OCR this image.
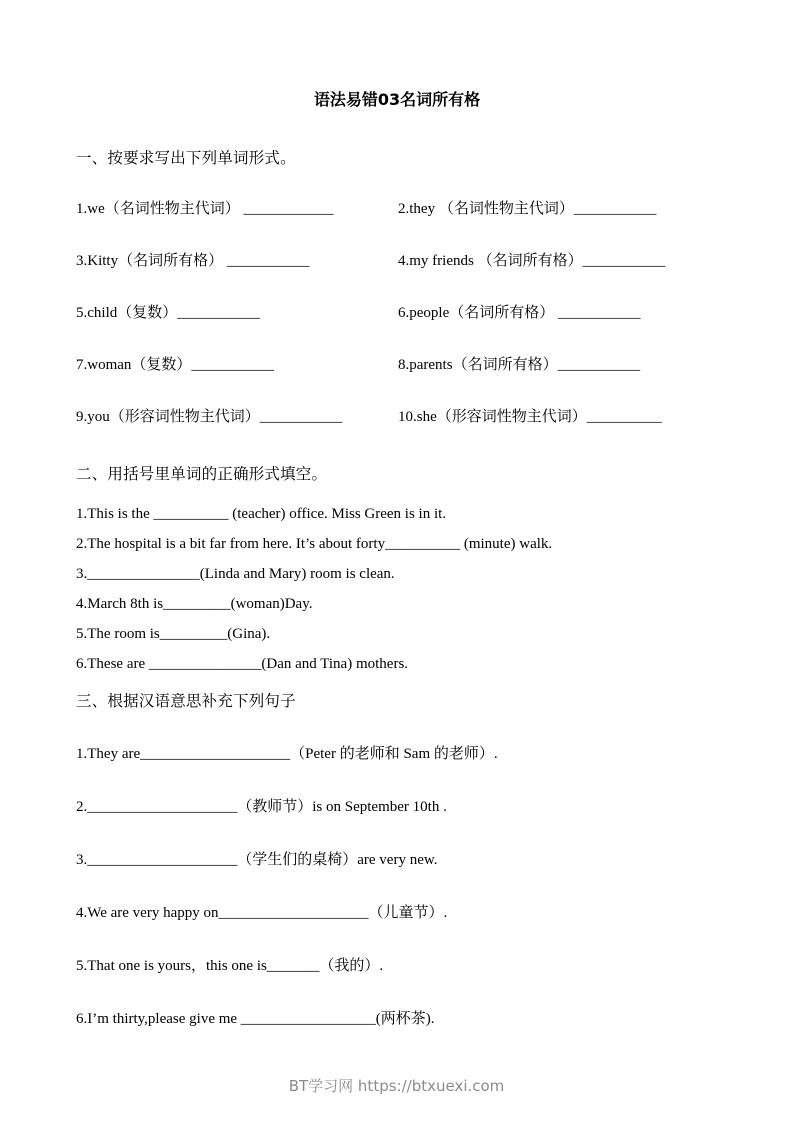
语法易错03名词所有格
一、按要求写出下列单词形式。
1.we（名词性物主代词） ____________	2.they （名词性物主代词）___________
3.Kitty（名词所有格） ___________	4.my friends （名词所有格）___________
5.child（复数）___________	6.people（名词所有格） ___________
7.woman（复数）___________	8.parents（名词所有格）___________
9.you（形容词性物主代词）___________	10.she（形容词性物主代词）__________
二、用括号里单词的正确形式填空。

1.This is the __________ (teacher) office. Miss Green is in it.

2.The hospital is a bit far from here. It’s about forty__________ (minute) walk.

3._______________(Linda and Mary) room is clean.

4.March 8th is_________(woman)Day.

5.The room is_________(Gina).

6.These are _______________(Dan and Tina) mothers.

三、根据汉语意思补充下列句子

1.They are____________________（Peter 的老师和 Sam 的老师）.

2.____________________（教师节）is on September 10th .

3.____________________（学生们的桌椅）are very new.

4.We are very happy on____________________（儿童节）.

5.That one is yours，this one is_______（我的）.

6.I’m thirty,please give me __________________(两杯茶).

BT学习网 https://btxuexi.com
